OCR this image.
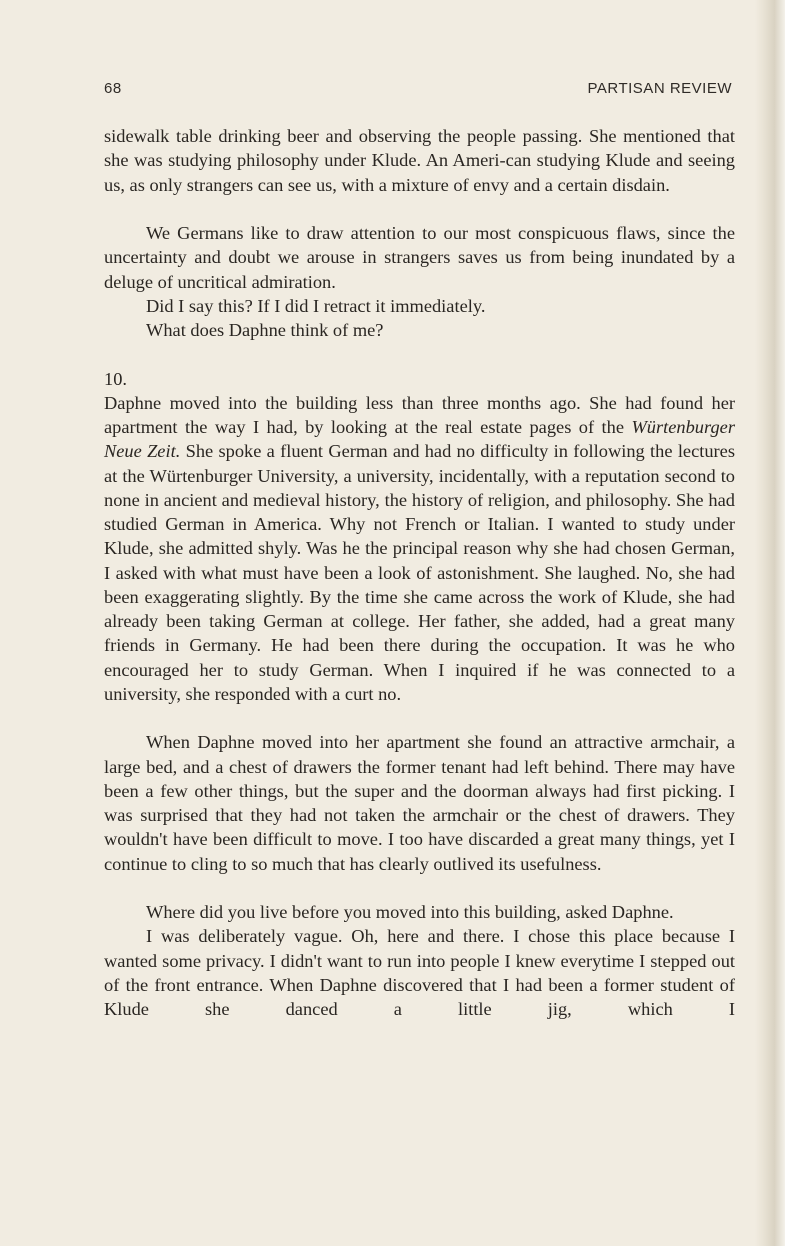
68	PARTISAN REVIEW

sidewalk table drinking beer and observing the people passing. She mentioned that she was studying philosophy under Klude. An Ameri-can studying Klude and seeing us, as only strangers can see us, with a mixture of envy and a certain disdain.

We Germans like to draw attention to our most conspicuous flaws, since the uncertainty and doubt we arouse in strangers saves us from being inundated by a deluge of uncritical admiration.

Did I say this? If I did I retract it immediately.

What does Daphne think of me?

10.

Daphne moved into the building less than three months ago. She had found her apartment the way I had, by looking at the real estate pages of the Würtenburger Neue Zeit. She spoke a fluent German and had no difficulty in following the lectures at the Würtenburger University, a university, incidentally, with a reputation second to none in ancient and medieval history, the history of religion, and philosophy. She had studied German in America. Why not French or Italian. I wanted to study under Klude, she admitted shyly. Was he the principal reason why she had chosen German, I asked with what must have been a look of astonishment. She laughed. No, she had been exaggerating slightly. By the time she came across the work of Klude, she had already been taking German at college. Her father, she added, had a great many friends in Germany. He had been there during the occupation. It was he who encouraged her to study German. When I inquired if he was connected to a university, she responded with a curt no.

When Daphne moved into her apartment she found an attractive armchair, a large bed, and a chest of drawers the former tenant had left behind. There may have been a few other things, but the super and the doorman always had first picking. I was surprised that they had not taken the armchair or the chest of drawers. They wouldn't have been difficult to move. I too have discarded a great many things, yet I continue to cling to so much that has clearly outlived its usefulness.

Where did you live before you moved into this building, asked Daphne.

I was deliberately vague. Oh, here and there. I chose this place because I wanted some privacy. I didn't want to run into people I knew everytime I stepped out of the front entrance. When Daphne discovered that I had been a former student of Klude she danced a little jig, which I
